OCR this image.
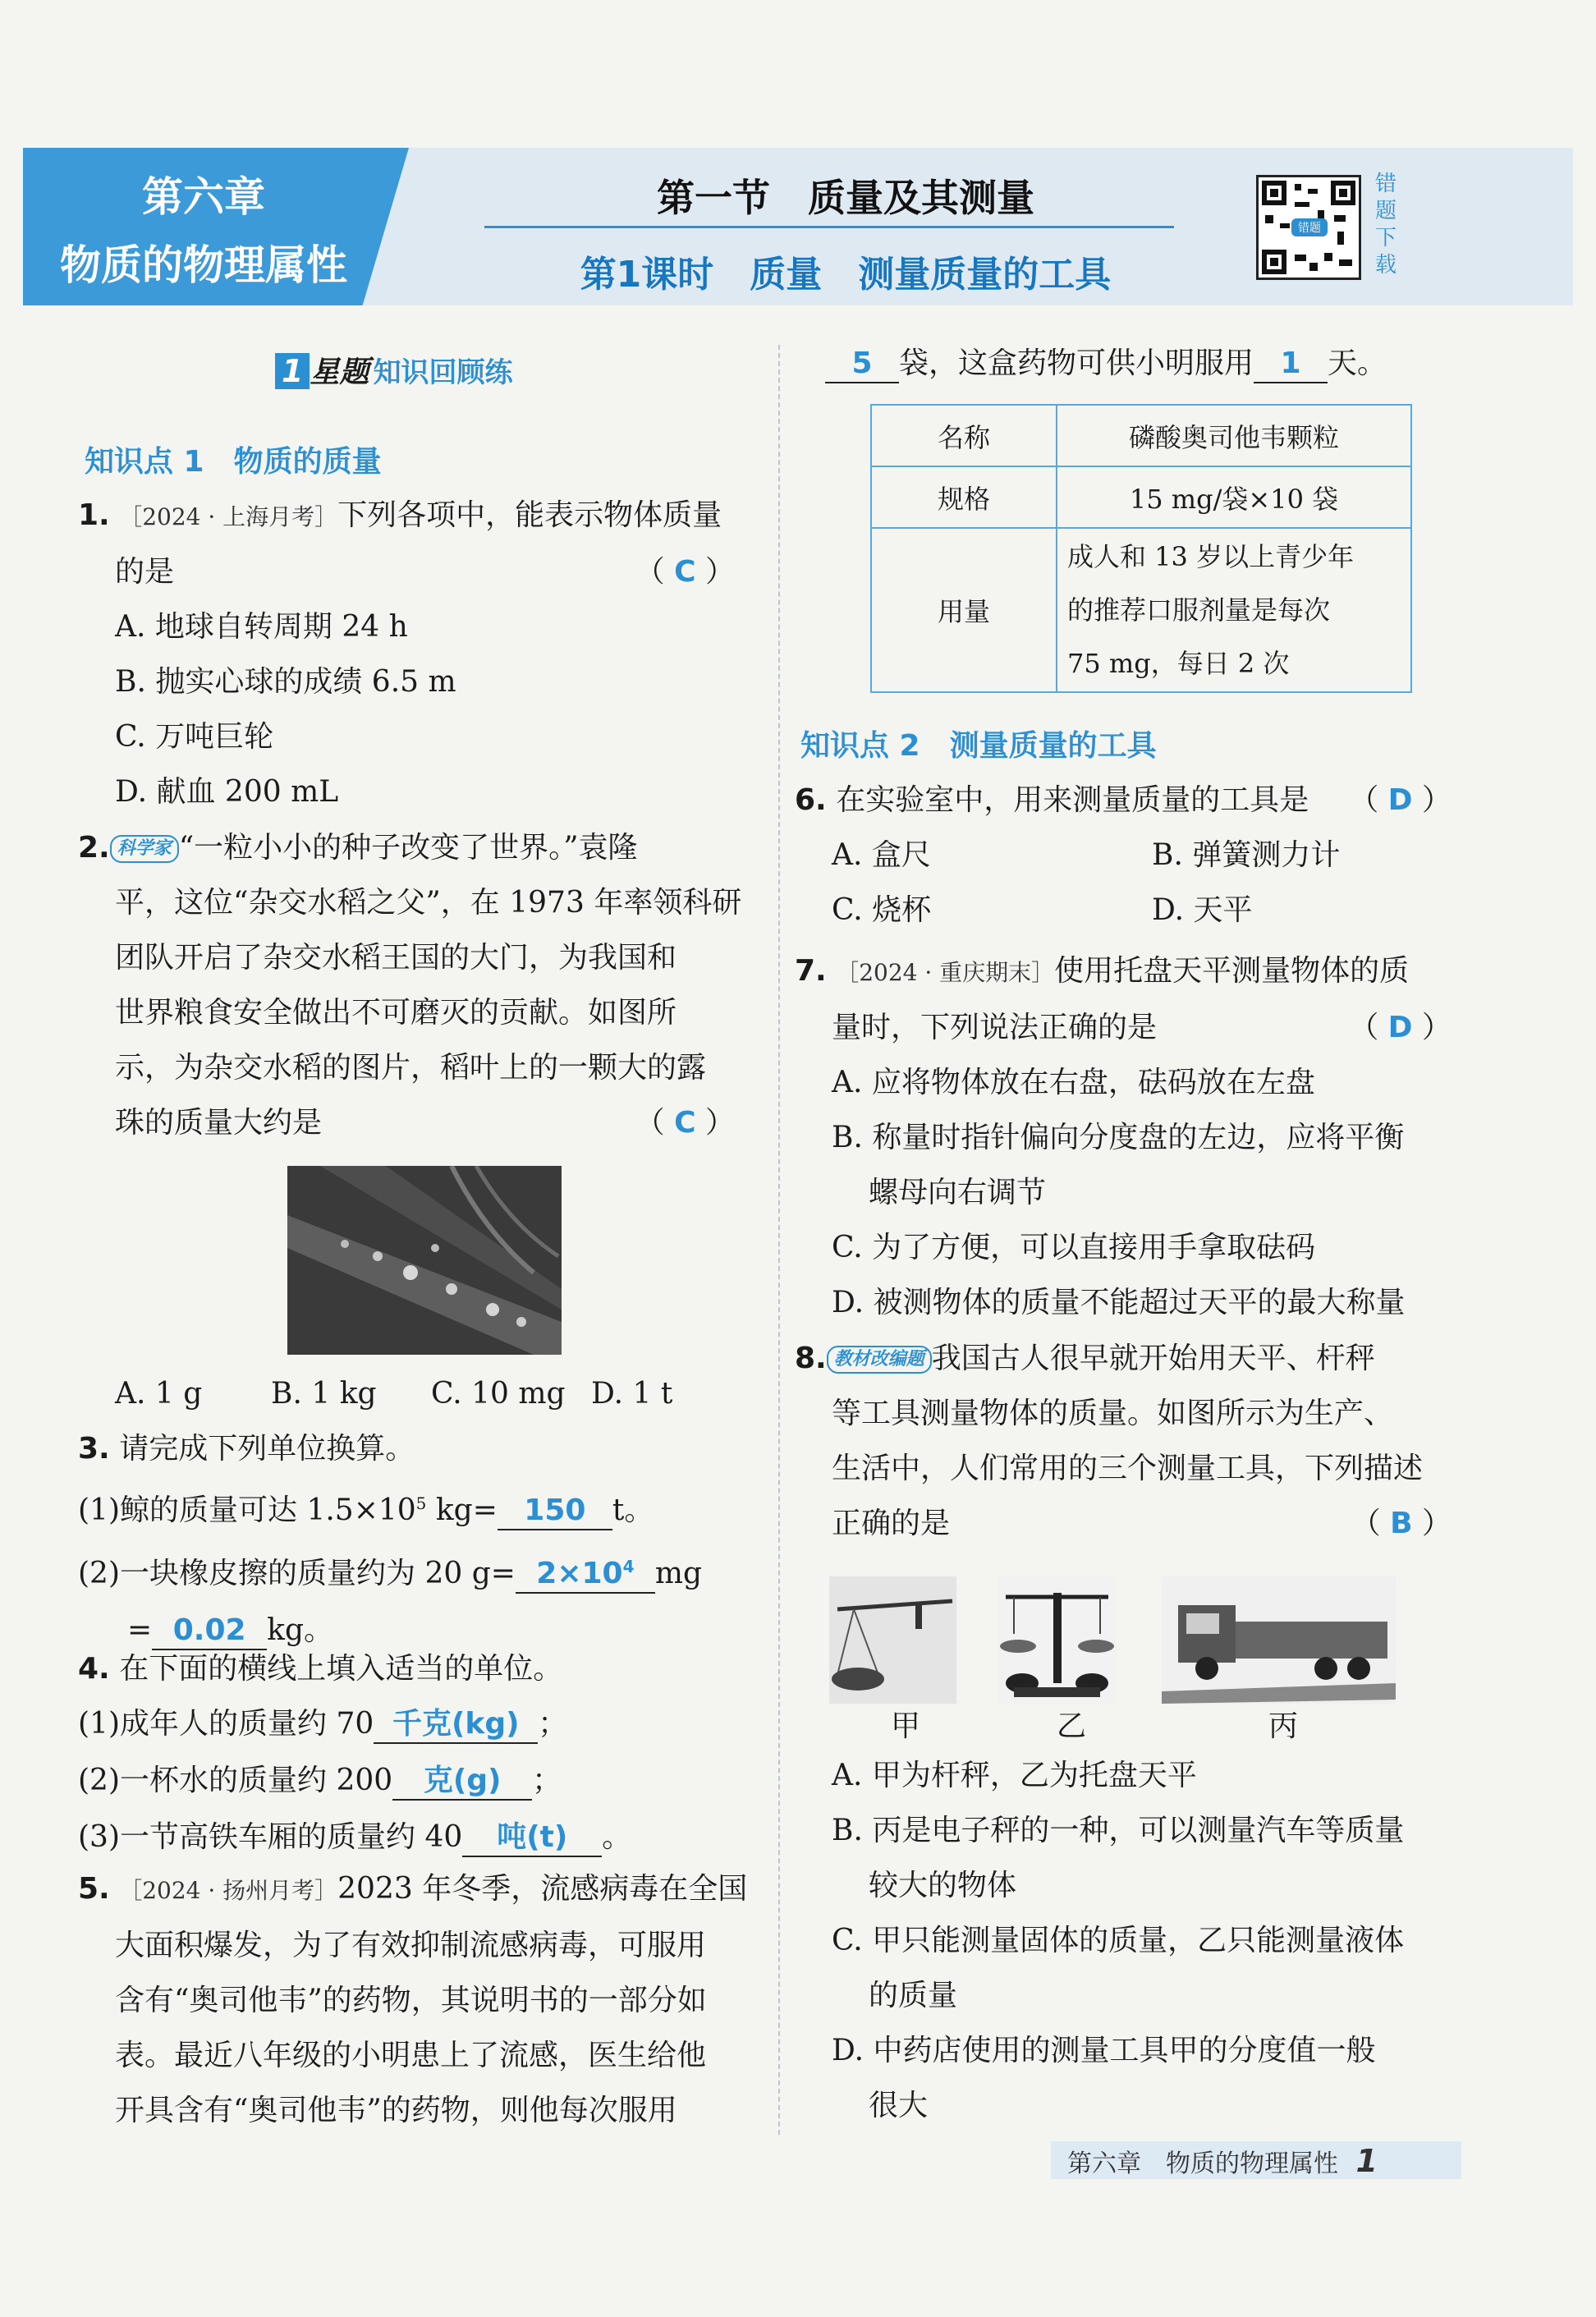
第六章
物质的物理属性
第一节　质量及其测量
第1课时　质量　测量质量的工具
错题
错
题
下
载
1 星题 知识回顾练
知识点 1　物质的质量
1. ［2024 · 上海月考］下列各项中，能表示物体质量
的是	（ C ）
A. 地球自转周期 24 h
B. 抛实心球的成绩 6.5 m
C. 万吨巨轮
D. 献血 200 mL
2. 科学家 “一粒小小的种子改变了世界。”袁隆
平，这位“杂交水稻之父”，在 1973 年率领科研
团队开启了杂交水稻王国的大门，为我国和
世界粮食安全做出不可磨灭的贡献。如图所
示，为杂交水稻的图片，稻叶上的一颗大的露
珠的质量大约是	（ C ）
A. 1 g B. 1 kg C. 10 mg D. 1 t
3. 请完成下列单位换算。
(1)鲸的质量可达 $1.5\times 10^5$ kg= 150 t。
(2)一块橡皮擦的质量约为 20 $g= 2\times 10^4$ mg
= 0.02 kg。
4. 在下面的横线上填入适当的单位。
(1)成年人的质量约 70 千克(kg) ；
(2)一杯水的质量约 200 克(g) ；
(3)一节高铁车厢的质量约 40 吨(t) 。
5. ［2024 · 扬州月考］2023 年冬季，流感病毒在全国
大面积爆发，为了有效抑制流感病毒，可服用
含有“奥司他韦”的药物，其说明书的一部分如
表。最近八年级的小明患上了流感，医生给他
开具含有“奥司他韦”的药物，则他每次服用
5 袋，这盒药物可供小明服用 1 天。
名称	磷酸奥司他韦颗粒
规格	15 mg/袋×10 袋
用量	成人和 13 岁以上青少年
的推荐口服剂量是每次
75 mg，每日 2 次
知识点 2　测量质量的工具
6. 在实验室中，用来测量质量的工具是 （ D ）
A. 盒尺	B. 弹簧测力计
C. 烧杯	D. 天平
7. ［2024 · 重庆期末］使用托盘天平测量物体的质
量时，下列说法正确的是	（ D ）
A. 应将物体放在右盘，砝码放在左盘
B. 称量时指针偏向分度盘的左边，应将平衡
螺母向右调节
C. 为了方便，可以直接用手拿取砝码
D. 被测物体的质量不能超过天平的最大称量
8. 教材改编题 我国古人很早就开始用天平、杆秤
等工具测量物体的质量。如图所示为生产、
生活中，人们常用的三个测量工具，下列描述
正确的是	（ B ）
甲	乙	丙
A. 甲为杆秤，乙为托盘天平
B. 丙是电子秤的一种，可以测量汽车等质量
较大的物体
C. 甲只能测量固体的质量，乙只能测量液体
的质量
D. 中药店使用的测量工具甲的分度值一般
很大
第六章　物质的物理属性 1
